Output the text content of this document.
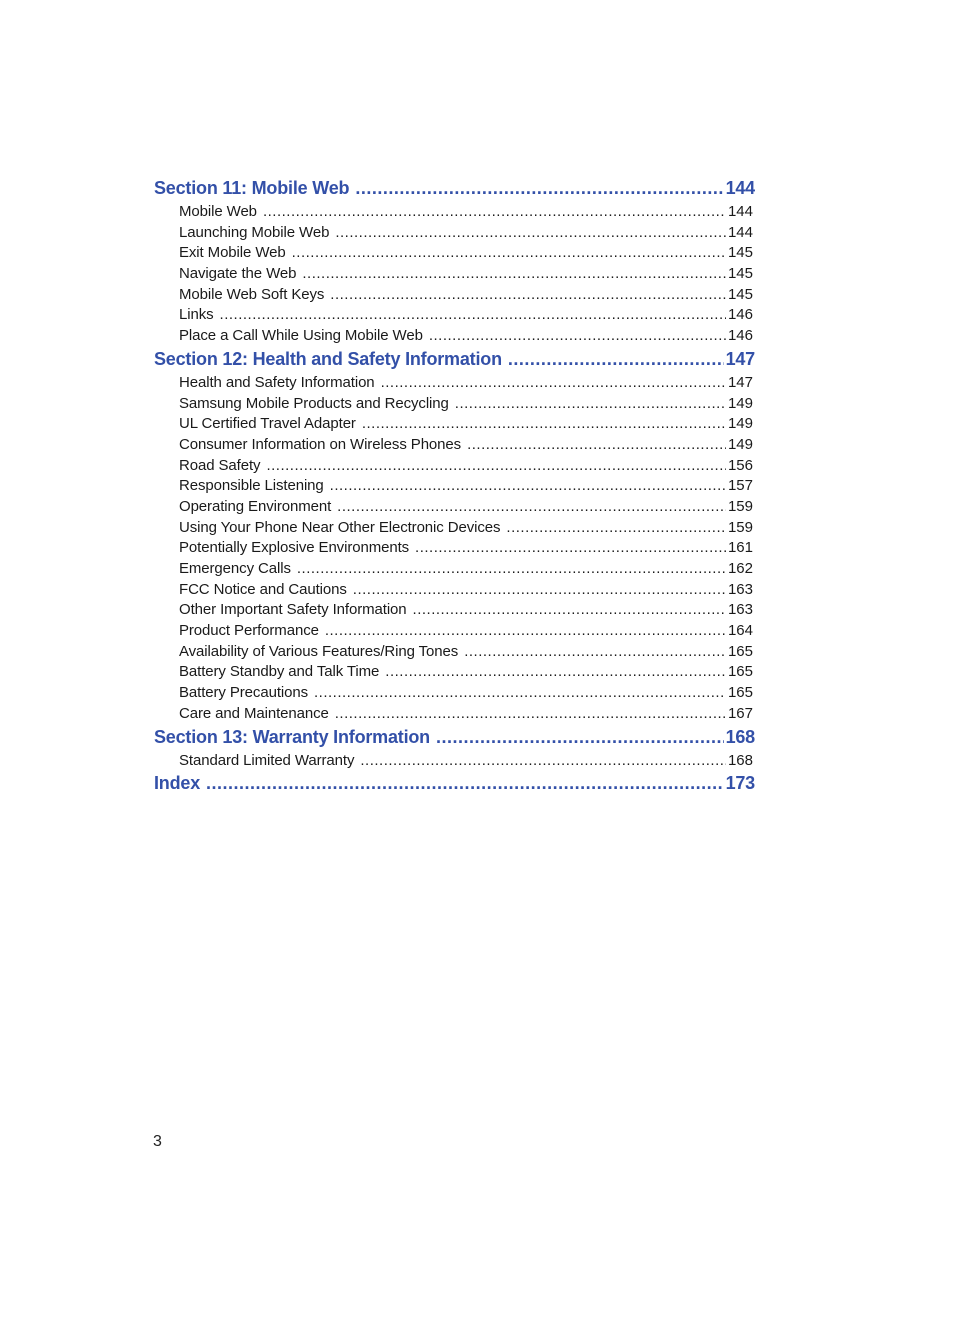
Section 11: Mobile Web .....	144
Mobile Web .....	144
Launching Mobile Web .....	144
Exit Mobile Web .....	145
Navigate the Web .....	145
Mobile Web Soft Keys .....	145
Links .....	146
Place a Call While Using Mobile Web .....	146
Section 12: Health and Safety Information .....	147
Health and Safety Information .....	147
Samsung Mobile Products and Recycling .....	149
UL Certified Travel Adapter .....	149
Consumer Information on Wireless Phones .....	149
Road Safety .....	156
Responsible Listening .....	157
Operating Environment .....	159
Using Your Phone Near Other Electronic Devices .....	159
Potentially Explosive Environments .....	161
Emergency Calls .....	162
FCC Notice and Cautions .....	163
Other Important Safety Information .....	163
Product Performance .....	164
Availability of Various Features/Ring Tones .....	165
Battery Standby and Talk Time .....	165
Battery Precautions .....	165
Care and Maintenance .....	167
Section 13: Warranty Information .....	168
Standard Limited Warranty .....	168
Index .....	173
3
